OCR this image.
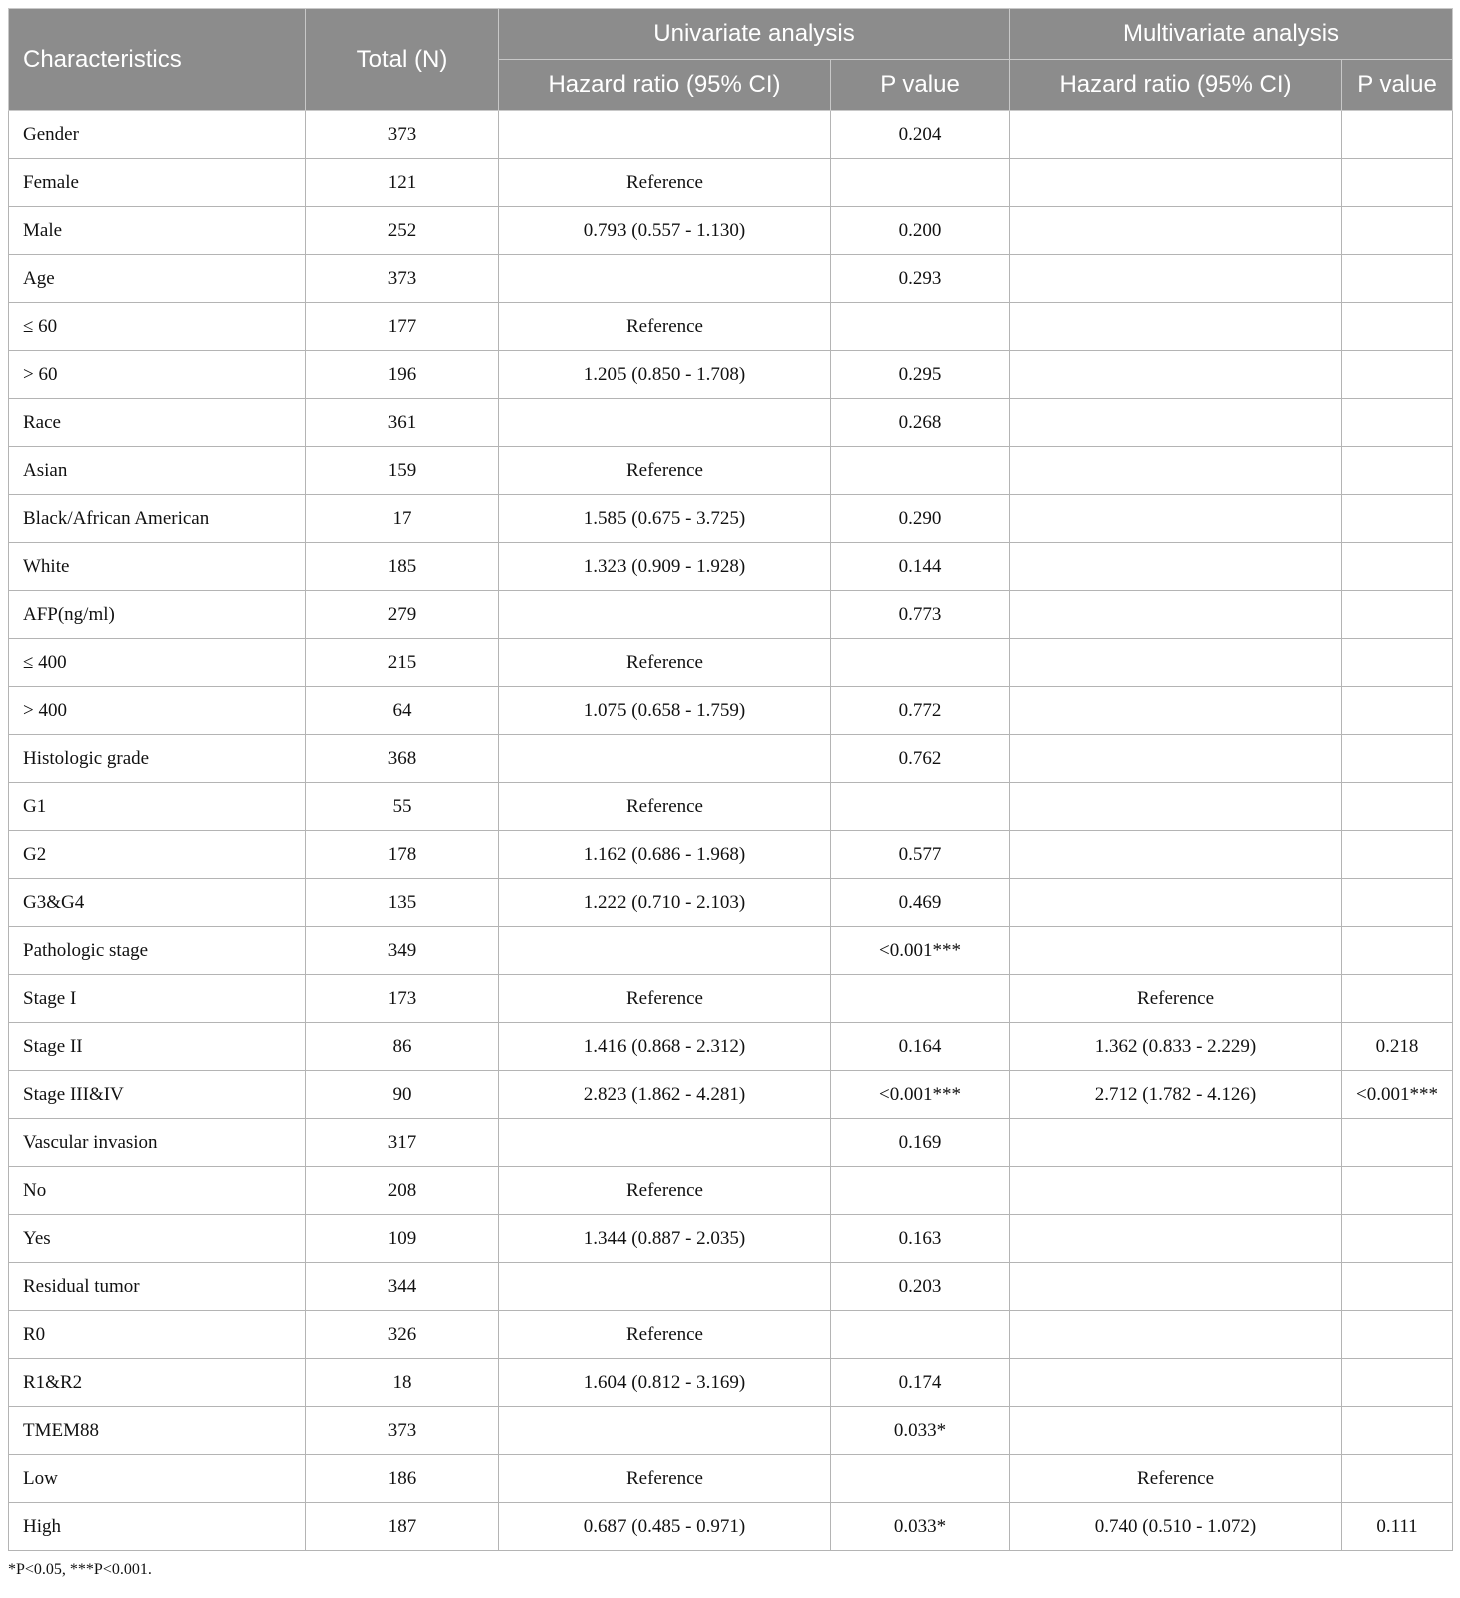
Characteristics	Total (N)	Univariate analysis		Multivariate analysis	
		Hazard ratio (95% CI)	P value	Hazard ratio (95% CI)	P value
Gender	373		0.204		
Female	121	Reference			
Male	252	0.793 (0.557 - 1.130)	0.200		
Age	373		0.293		
≤ 60	177	Reference			
> 60	196	1.205 (0.850 - 1.708)	0.295		
Race	361		0.268		
Asian	159	Reference			
Black/African American	17	1.585 (0.675 - 3.725)	0.290		
White	185	1.323 (0.909 - 1.928)	0.144		
AFP(ng/ml)	279		0.773		
≤ 400	215	Reference			
> 400	64	1.075 (0.658 - 1.759)	0.772		
Histologic grade	368		0.762		
G1	55	Reference			
G2	178	1.162 (0.686 - 1.968)	0.577		
G3&G4	135	1.222 (0.710 - 2.103)	0.469		
Pathologic stage	349		<0.001***		
Stage I	173	Reference		Reference	
Stage II	86	1.416 (0.868 - 2.312)	0.164	1.362 (0.833 - 2.229)	0.218
Stage III&IV	90	2.823 (1.862 - 4.281)	<0.001***	2.712 (1.782 - 4.126)	<0.001***
Vascular invasion	317		0.169		
No	208	Reference			
Yes	109	1.344 (0.887 - 2.035)	0.163		
Residual tumor	344		0.203		
R0	326	Reference			
R1&R2	18	1.604 (0.812 - 3.169)	0.174		
TMEM88	373		0.033*		
Low	186	Reference		Reference	
High	187	0.687 (0.485 - 0.971)	0.033*	0.740 (0.510 - 1.072)	0.111
*P<0.05, ***P<0.001.
